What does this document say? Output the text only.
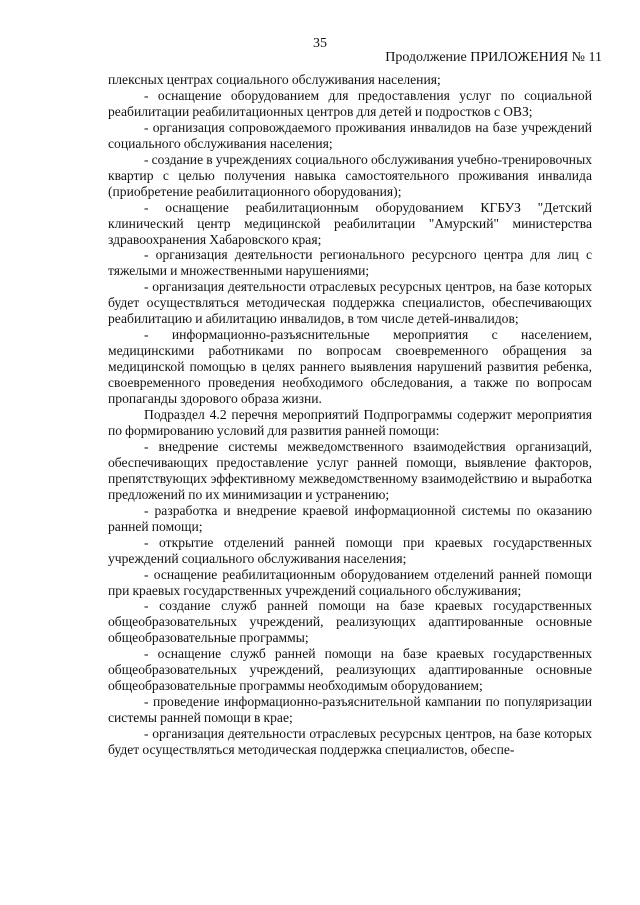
35
Продолжение ПРИЛОЖЕНИЯ № 11

плексных центрах социального обслуживания населения;

- оснащение оборудованием для предоставления услуг по социальной реабилитации реабилитационных центров для детей и подростков с ОВЗ;

- организация сопровождаемого проживания инвалидов на базе учреждений социального обслуживания населения;

- создание в учреждениях социального обслуживания учебно-тренировочных квартир с целью получения навыка самостоятельного проживания инвалида (приобретение реабилитационного оборудования);

- оснащение реабилитационным оборудованием КГБУЗ "Детский клинический центр медицинской реабилитации "Амурский" министерства здравоохранения Хабаровского края;

- организация деятельности регионального ресурсного центра для лиц с тяжелыми и множественными нарушениями;

- организация деятельности отраслевых ресурсных центров, на базе которых будет осуществляться методическая поддержка специалистов, обеспечивающих реабилитацию и абилитацию инвалидов, в том числе детей-инвалидов;

- информационно-разъяснительные мероприятия с населением, медицинскими работниками по вопросам своевременного обращения за медицинской помощью в целях раннего выявления нарушений развития ребенка, своевременного проведения необходимого обследования, а также по вопросам пропаганды здорового образа жизни.

Подраздел 4.2 перечня мероприятий Подпрограммы содержит мероприятия по формированию условий для развития ранней помощи:

- внедрение системы межведомственного взаимодействия организаций, обеспечивающих предоставление услуг ранней помощи, выявление факторов, препятствующих эффективному межведомственному взаимодействию и выработка предложений по их минимизации и устранению;

- разработка и внедрение краевой информационной системы по оказанию ранней помощи;

- открытие отделений ранней помощи при краевых государственных учреждений социального обслуживания населения;

- оснащение реабилитационным оборудованием отделений ранней помощи при краевых государственных учреждений социального обслуживания;

- создание служб ранней помощи на базе краевых государственных общеобразовательных учреждений, реализующих адаптированные основные общеобразовательные программы;

- оснащение служб ранней помощи на базе краевых государственных общеобразовательных учреждений, реализующих адаптированные основные общеобразовательные программы необходимым оборудованием;

- проведение информационно-разъяснительной кампании по популяризации системы ранней помощи в крае;

- организация деятельности отраслевых ресурсных центров, на базе которых будет осуществляться методическая поддержка специалистов, обеспе-
